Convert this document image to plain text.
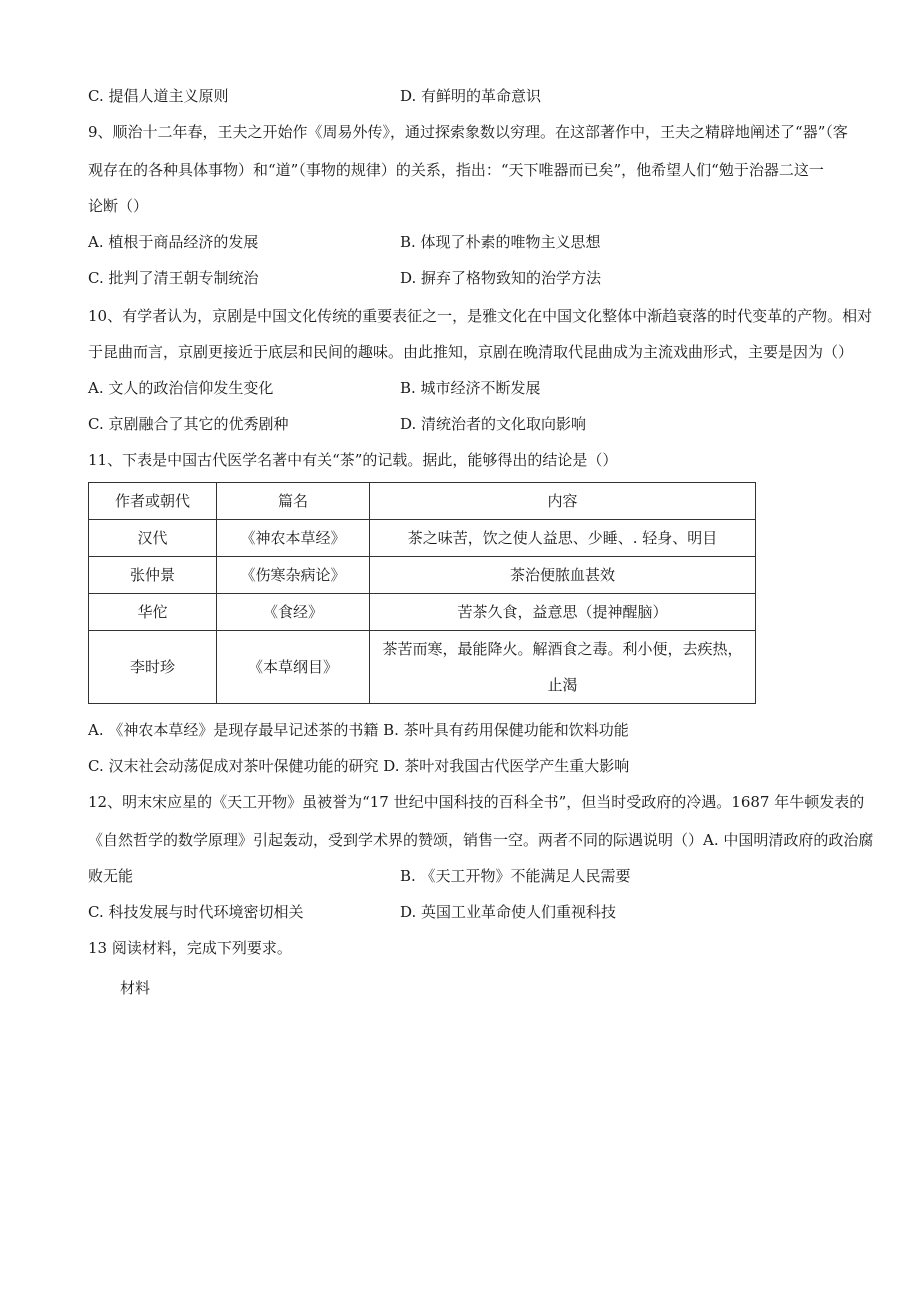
C. 提倡人道主义原则	D. 有鲜明的革命意识
9、顺治十二年春，王夫之开始作《周易外传》，通过探索象数以穷理。在这部著作中，王夫之精辟地阐述了“器”（客
观存在的各种具体事物）和“道”（事物的规律）的关系，指出：“天下唯器而已矣”，他希望人们“勉于治器二这一
论断（）
A. 植根于商品经济的发展	B. 体现了朴素的唯物主义思想
C. 批判了清王朝专制统治	D. 摒弃了格物致知的治学方法
10、有学者认为，京剧是中国文化传统的重要表征之一，是雅文化在中国文化整体中渐趋衰落的时代变革的产物。相对
于昆曲而言，京剧更接近于底层和民间的趣味。由此推知，京剧在晚清取代昆曲成为主流戏曲形式，主要是因为（）
A. 文人的政治信仰发生变化	B. 城市经济不断发展
C. 京剧融合了其它的优秀剧种	D. 清统治者的文化取向影响
11、下表是中国古代医学名著中有关“茶”的记载。据此，能够得出的结论是（）
作者或朝代	篇名	内容
汉代	《神农本草经》	茶之味苦，饮之使人益思、少睡、. 轻身、明目
张仲景	《伤寒杂病论》	茶治便脓血甚效
华佗	《食经》	苦茶久食，益意思（提神醒脑）
李时珍	《本草纲目》	茶苦而寒，最能降火。解酒食之毒。利小便，去疾热，
止渴
A. 《神农本草经》是现存最早记述茶的书籍 B. 茶叶具有药用保健功能和饮料功能
C. 汉末社会动荡促成对茶叶保健功能的研究 D. 茶叶对我国古代医学产生重大影响
12、明末宋应星的《天工开物》虽被誉为“17 世纪中国科技的百科全书”，但当时受政府的冷遇。1687 年牛顿发表的
《自然哲学的数学原理》引起轰动，受到学术界的赞颂，销售一空。两者不同的际遇说明（）A. 中国明清政府的政治腐
败无能	B. 《天工开物》不能满足人民需要
C. 科技发展与时代环境密切相关	D. 英国工业革命使人们重视科技
13 阅读材料，完成下列要求。
材料
